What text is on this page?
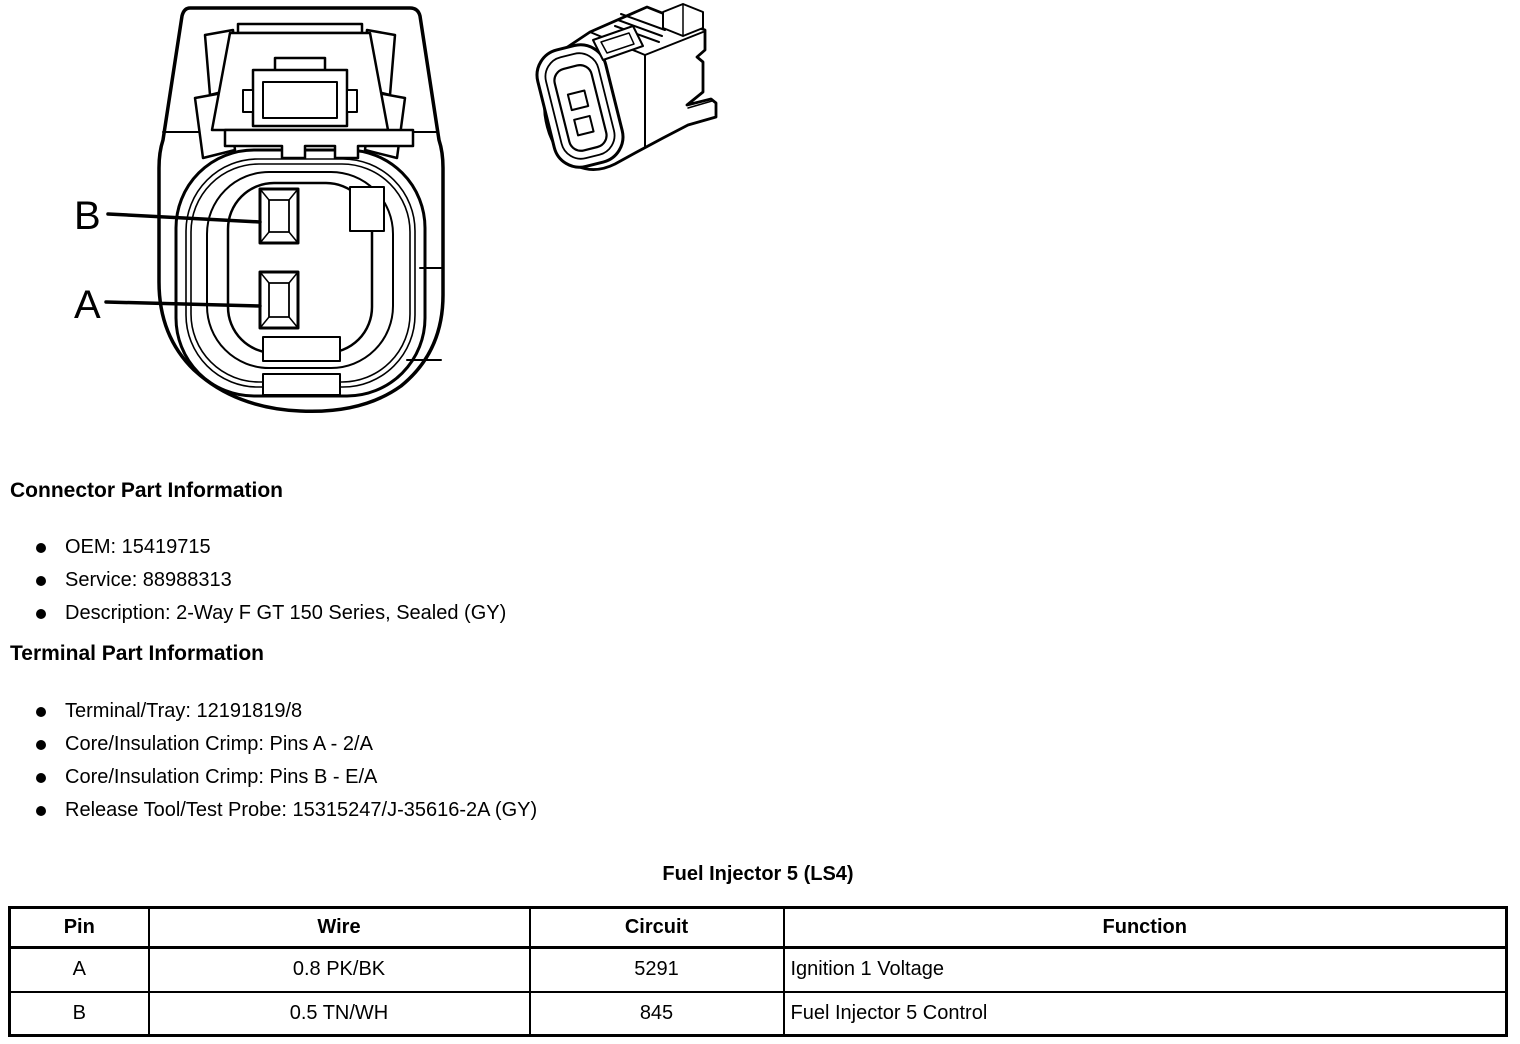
B
A
Connector Part Information
OEM: 15419715
Service: 88988313
Description: 2-Way F GT 150 Series, Sealed (GY)
Terminal Part Information
Terminal/Tray: 12191819/8
Core/Insulation Crimp: Pins A - 2/A
Core/Insulation Crimp: Pins B - E/A
Release Tool/Test Probe: 15315247/J-35616-2A (GY)
Fuel Injector 5 (LS4)
Pin	Wire	Circuit	Function
A	0.8 PK/BK	5291	Ignition 1 Voltage
B	0.5 TN/WH	845	Fuel Injector 5 Control
